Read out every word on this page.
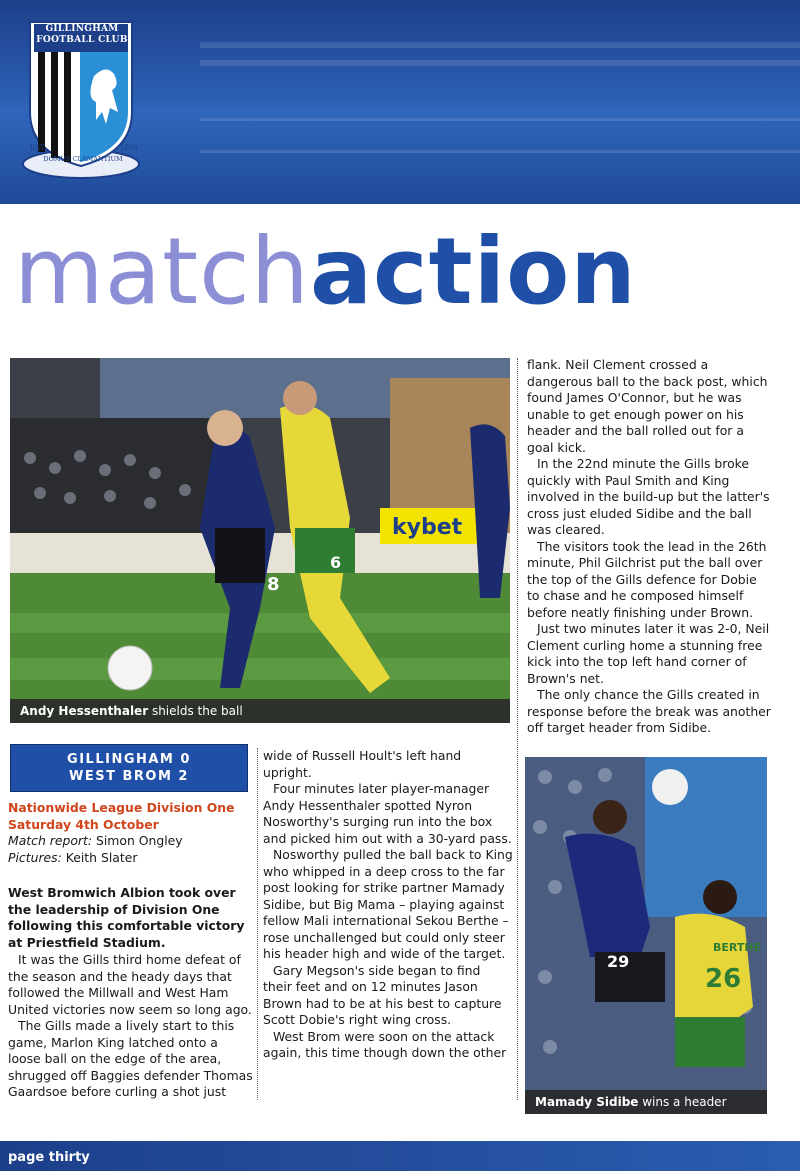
GILLINGHAM
FOOTBALL CLUB
EST	1893
DOMUS CLAMANTIUM
matchaction
kybet
8
6
Andy Hessenthaler shields the ball
29
BERTHE
26
Mamady Sidibe wins a header
GILLINGHAM 0
WEST BROM 2
Nationwide League Division One
Saturday 4th October
Match report: Simon Ongley
Pictures: Keith Slater

West Bromwich Albion took over the leadership of Division One following this comfortable victory at Priestfield Stadium.

It was the Gills third home defeat of the season and the heady days that followed the Millwall and West Ham United victories now seem so long ago.

The Gills made a lively start to this game, Marlon King latched onto a loose ball on the edge of the area, shrugged off Baggies defender Thomas Gaardsoe before curling a shot just

wide of Russell Hoult's left hand upright.

Four minutes later player-manager Andy Hessenthaler spotted Nyron Nosworthy's surging run into the box and picked him out with a 30-yard pass.

Nosworthy pulled the ball back to King who whipped in a deep cross to the far post looking for strike partner Mamady Sidibe, but Big Mama – playing against fellow Mali international Sekou Berthe – rose unchallenged but could only steer his header high and wide of the target.

Gary Megson's side began to find their feet and on 12 minutes Jason Brown had to be at his best to capture Scott Dobie's right wing cross.

West Brom were soon on the attack again, this time though down the other

flank. Neil Clement crossed a dangerous ball to the back post, which found James O'Connor, but he was unable to get enough power on his header and the ball rolled out for a goal kick.

In the 22nd minute the Gills broke quickly with Paul Smith and King involved in the build-up but the latter's cross just eluded Sidibe and the ball was cleared.

The visitors took the lead in the 26th minute, Phil Gilchrist put the ball over the top of the Gills defence for Dobie to chase and he composed himself before neatly finishing under Brown.

Just two minutes later it was 2-0, Neil Clement curling home a stunning free kick into the top left hand corner of Brown's net.

The only chance the Gills created in response before the break was another off target header from Sidibe.

page thirty
